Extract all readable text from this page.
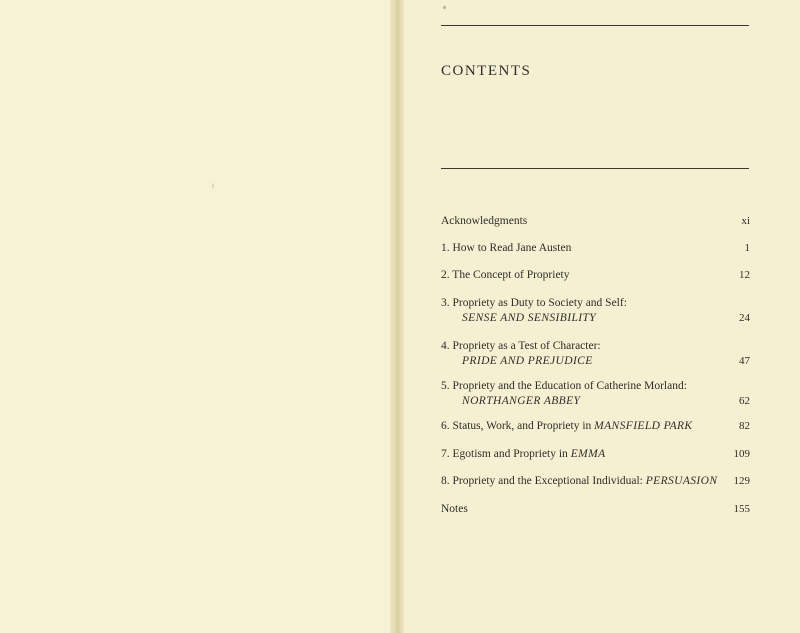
CONTENTS
Acknowledgments	xi
1. How to Read Jane Austen	1
2. The Concept of Propriety	12
3. Propriety as Duty to Society and Self:
SENSE AND SENSIBILITY	24
4. Propriety as a Test of Character:
PRIDE AND PREJUDICE	47
5. Propriety and the Education of Catherine Morland:
NORTHANGER ABBEY	62
6. Status, Work, and Propriety in MANSFIELD PARK	82
7. Egotism and Propriety in EMMA	109
8. Propriety and the Exceptional Individual: PERSUASION	129
Notes	155
